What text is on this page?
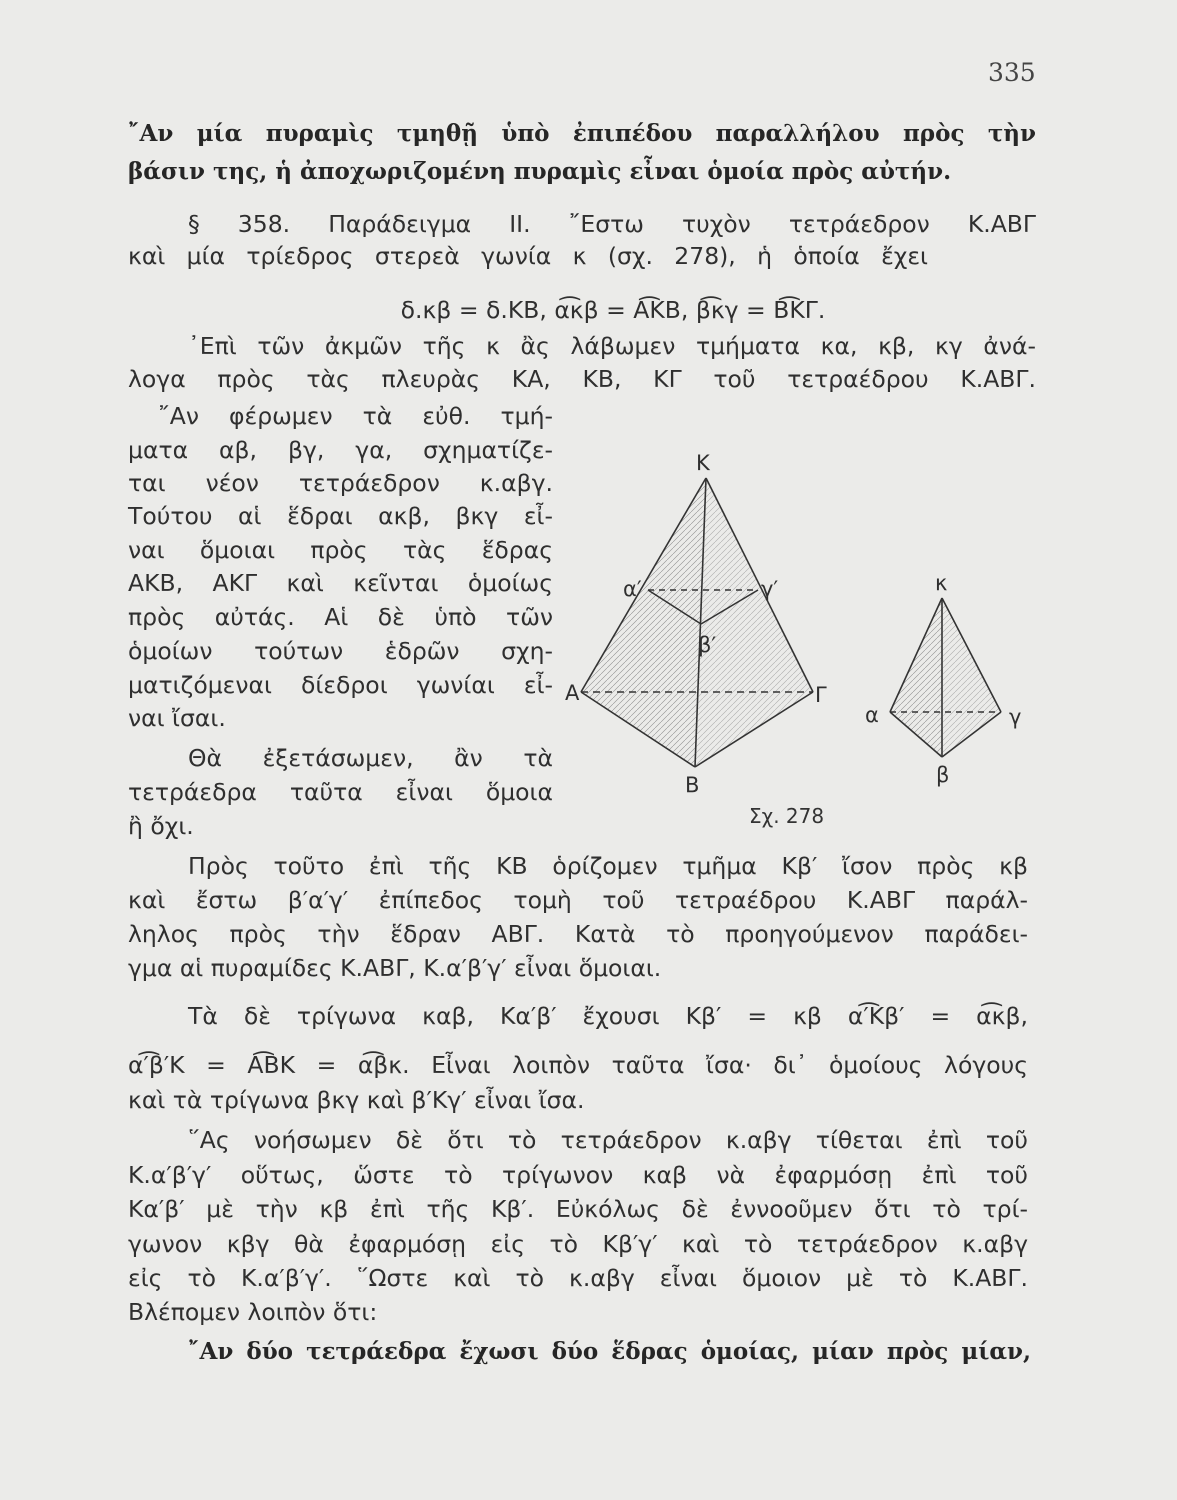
335
῎Αν μία πυραμὶς τμηθῇ ὑπὸ ἐπιπέδου παραλλήλου πρὸς τὴν
βάσιν της, ἡ ἀποχωριζομένη πυραμὶς εἶναι ὁμοία πρὸς αὐτήν.
§ 358. Παράδειγμα ΙΙ. ῎Εστω τυχὸν τετράεδρον Κ.ΑΒΓ
καὶ μία τρίεδρος στερεὰ γωνία κ (σχ. 278), ἡ ὁποία ἔχει
δ.κβ = δ.ΚΒ, α͡κβ = Α͡ΚΒ, β͡κγ = Β͡ΚΓ.
᾿Επὶ τῶν ἀκμῶν τῆς κ ἂς λάβωμεν τμήματα κα, κβ, κγ ἀνά-
λογα πρὸς τὰς πλευρὰς ΚΑ, ΚΒ, ΚΓ τοῦ τετραέδρου Κ.ΑΒΓ.
῎Αν φέρωμεν τὰ εὐθ. τμή-
ματα αβ, βγ, γα, σχηματίζε-
ται νέον τετράεδρον κ.αβγ.
Τούτου αἱ ἕδραι ακβ, βκγ εἶ-
ναι ὅμοιαι πρὸς τὰς ἕδρας
ΑΚΒ, ΑΚΓ καὶ κεῖνται ὁμοίως
πρὸς αὐτάς. Αἱ δὲ ὑπὸ τῶν
ὁμοίων τούτων ἑδρῶν σχη-
ματιζόμεναι δίεδροι γωνίαι εἶ-
ναι ἴσαι.
Θὰ ἐξετάσωμεν, ἂν τὰ
τετράεδρα ταῦτα εἶναι ὅμοια
ἢ ὄχι.
Κ
Α
Β
Γ
α′
β′
γ′	κ
α
β
γ
Σχ. 278
Πρὸς τοῦτο ἐπὶ τῆς ΚΒ ὁρίζομεν τμῆμα Κβ′ ἴσον πρὸς κβ
καὶ ἔστω β′α′γ′ ἐπίπεδος τομὴ τοῦ τετραέδρου Κ.ΑΒΓ παράλ-
ληλος πρὸς τὴν ἕδραν ΑΒΓ. Κατὰ τὸ προηγούμενον παράδει-
γμα αἱ πυραμίδες Κ.ΑΒΓ, Κ.α′β′γ′ εἶναι ὅμοιαι.
Τὰ δὲ τρίγωνα καβ, Κα′β′ ἔχουσι Κβ′ = κβ α′͡Κβ′ = α͡κβ,
α′͡β′Κ = Α͡ΒΚ = α͡βκ. Εἶναι λοιπὸν ταῦτα ἴσα· δι᾿ ὁμοίους λόγους
καὶ τὰ τρίγωνα βκγ καὶ β′Κγ′ εἶναι ἴσα.
῞Ας νοήσωμεν δὲ ὅτι τὸ τετράεδρον κ.αβγ τίθεται ἐπὶ τοῦ
Κ.α′β′γ′ οὕτως, ὥστε τὸ τρίγωνον καβ νὰ ἐφαρμόσῃ ἐπὶ τοῦ
Κα′β′ μὲ τὴν κβ ἐπὶ τῆς Κβ′. Εὐκόλως δὲ ἐννοοῦμεν ὅτι τὸ τρί-
γωνον κβγ θὰ ἐφαρμόσῃ εἰς τὸ Κβ′γ′ καὶ τὸ τετράεδρον κ.αβγ
εἰς τὸ Κ.α′β′γ′. ῞Ωστε καὶ τὸ κ.αβγ εἶναι ὅμοιον μὲ τὸ Κ.ΑΒΓ.
Βλέπομεν λοιπὸν ὅτι:
῎Αν δύο τετράεδρα ἔχωσι δύο ἕδρας ὁμοίας, μίαν πρὸς μίαν,
